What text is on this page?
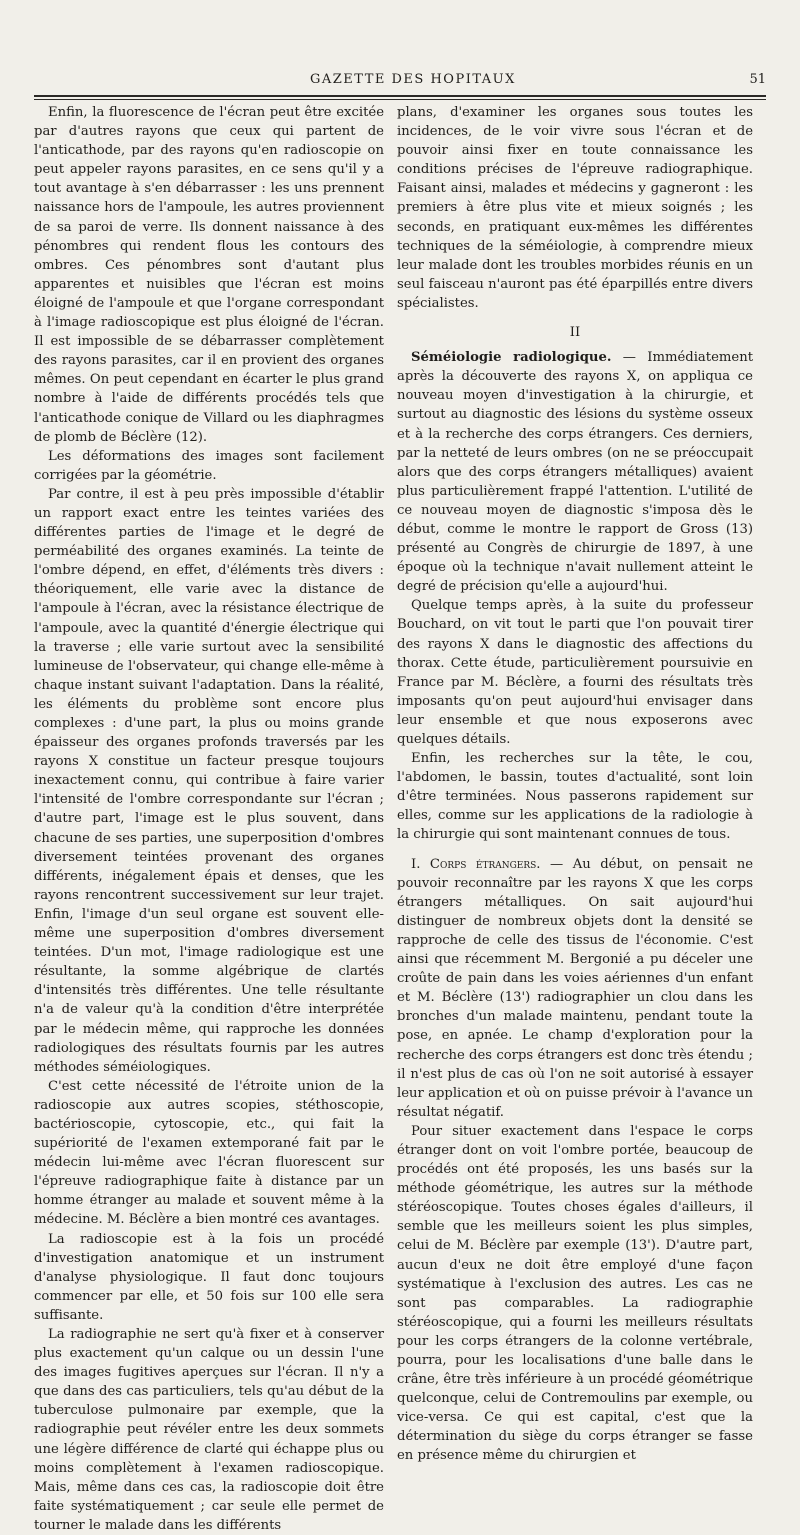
GAZETTE DES HOPITAUX	51

Enfin, la fluorescence de l'écran peut être excitée par d'autres rayons que ceux qui partent de l'anticathode, par des rayons qu'en radioscopie on peut appeler rayons parasites, en ce sens qu'il y a tout avantage à s'en débarrasser : les uns prennent naissance hors de l'ampoule, les autres proviennent de sa paroi de verre. Ils donnent naissance à des pénombres qui rendent flous les contours des ombres. Ces pénombres sont d'autant plus apparentes et nuisibles que l'écran est moins éloigné de l'ampoule et que l'organe correspondant à l'image radioscopique est plus éloigné de l'écran. Il est impossible de se débarrasser complètement des rayons parasites, car il en provient des organes mêmes. On peut cependant en écarter le plus grand nombre à l'aide de différents procédés tels que l'anticathode conique de Villard ou les diaphragmes de plomb de Béclère (12).

Les déformations des images sont facilement corrigées par la géométrie.

Par contre, il est à peu près impossible d'établir un rapport exact entre les teintes variées des différentes parties de l'image et le degré de perméabilité des organes examinés. La teinte de l'ombre dépend, en effet, d'éléments très divers : théoriquement, elle varie avec la distance de l'ampoule à l'écran, avec la résistance électrique de l'ampoule, avec la quantité d'énergie électrique qui la traverse ; elle varie surtout avec la sensibilité lumineuse de l'observateur, qui change elle-même à chaque instant suivant l'adaptation. Dans la réalité, les éléments du problème sont encore plus complexes : d'une part, la plus ou moins grande épaisseur des organes profonds traversés par les rayons X constitue un facteur presque toujours inexactement connu, qui contribue à faire varier l'intensité de l'ombre correspondante sur l'écran ; d'autre part, l'image est le plus souvent, dans chacune de ses parties, une superposition d'ombres diversement teintées provenant des organes différents, inégalement épais et denses, que les rayons rencontrent successivement sur leur trajet. Enfin, l'image d'un seul organe est souvent elle-même une superposition d'ombres diversement teintées. D'un mot, l'image radiologique est une résultante, la somme algébrique de clartés d'intensités très différentes. Une telle résultante n'a de valeur qu'à la condition d'être interprétée par le médecin même, qui rapproche les données radiologiques des résultats fournis par les autres méthodes séméiologiques.

C'est cette nécessité de l'étroite union de la radioscopie aux autres scopies, stéthoscopie, bactérioscopie, cytoscopie, etc., qui fait la supériorité de l'examen extemporané fait par le médecin lui-même avec l'écran fluorescent sur l'épreuve radiographique faite à distance par un homme étranger au malade et souvent même à la médecine. M. Béclère a bien montré ces avantages.

La radioscopie est à la fois un procédé d'investigation anatomique et un instrument d'analyse physiologique. Il faut donc toujours commencer par elle, et 50 fois sur 100 elle sera suffisante.

La radiographie ne sert qu'à fixer et à conserver plus exactement qu'un calque ou un dessin l'une des images fugitives aperçues sur l'écran. Il n'y a que dans des cas particuliers, tels qu'au début de la tuberculose pulmonaire par exemple, que la radiographie peut révéler entre les deux sommets une légère différence de clarté qui échappe plus ou moins complètement à l'examen radioscopique. Mais, même dans ces cas, la radioscopie doit être faite systématiquement ; car seule elle permet de tourner le malade dans les différents

plans, d'examiner les organes sous toutes les incidences, de le voir vivre sous l'écran et de pouvoir ainsi fixer en toute connaissance les conditions précises de l'épreuve radiographique. Faisant ainsi, malades et médecins y gagneront : les premiers à être plus vite et mieux soignés ; les seconds, en pratiquant eux-mêmes les différentes techniques de la séméiologie, à comprendre mieux leur malade dont les troubles morbides réunis en un seul faisceau n'auront pas été éparpillés entre divers spécialistes.

II

Séméiologie radiologique. — Immédiatement après la découverte des rayons X, on appliqua ce nouveau moyen d'investigation à la chirurgie, et surtout au diagnostic des lésions du système osseux et à la recherche des corps étrangers. Ces derniers, par la netteté de leurs ombres (on ne se préoccupait alors que des corps étrangers métalliques) avaient plus particulièrement frappé l'attention. L'utilité de ce nouveau moyen de diagnostic s'imposa dès le début, comme le montre le rapport de Gross (13) présenté au Congrès de chirurgie de 1897, à une époque où la technique n'avait nullement atteint le degré de précision qu'elle a aujourd'hui.

Quelque temps après, à la suite du professeur Bouchard, on vit tout le parti que l'on pouvait tirer des rayons X dans le diagnostic des affections du thorax. Cette étude, particulièrement poursuivie en France par M. Béclère, a fourni des résultats très imposants qu'on peut aujourd'hui envisager dans leur ensemble et que nous exposerons avec quelques détails.

Enfin, les recherches sur la tête, le cou, l'abdomen, le bassin, toutes d'actualité, sont loin d'être terminées. Nous passerons rapidement sur elles, comme sur les applications de la radiologie à la chirurgie qui sont maintenant connues de tous.

I. Corps étrangers. — Au début, on pensait ne pouvoir reconnaître par les rayons X que les corps étrangers métalliques. On sait aujourd'hui distinguer de nombreux objets dont la densité se rapproche de celle des tissus de l'économie. C'est ainsi que récemment M. Bergonié a pu déceler une croûte de pain dans les voies aériennes d'un enfant et M. Béclère (13') radiographier un clou dans les bronches d'un malade maintenu, pendant toute la pose, en apnée. Le champ d'exploration pour la recherche des corps étrangers est donc très étendu ; il n'est plus de cas où l'on ne soit autorisé à essayer leur application et où on puisse prévoir à l'avance un résultat négatif.

Pour situer exactement dans l'espace le corps étranger dont on voit l'ombre portée, beaucoup de procédés ont été proposés, les uns basés sur la méthode géométrique, les autres sur la méthode stéréoscopique. Toutes choses égales d'ailleurs, il semble que les meilleurs soient les plus simples, celui de M. Béclère par exemple (13'). D'autre part, aucun d'eux ne doit être employé d'une façon systématique à l'exclusion des autres. Les cas ne sont pas comparables. La radiographie stéréoscopique, qui a fourni les meilleurs résultats pour les corps étrangers de la colonne vertébrale, pourra, pour les localisations d'une balle dans le crâne, être très inférieure à un procédé géométrique quelconque, celui de Contremoulins par exemple, ou vice-versa. Ce qui est capital, c'est que la détermination du siège du corps étranger se fasse en présence même du chirurgien et
